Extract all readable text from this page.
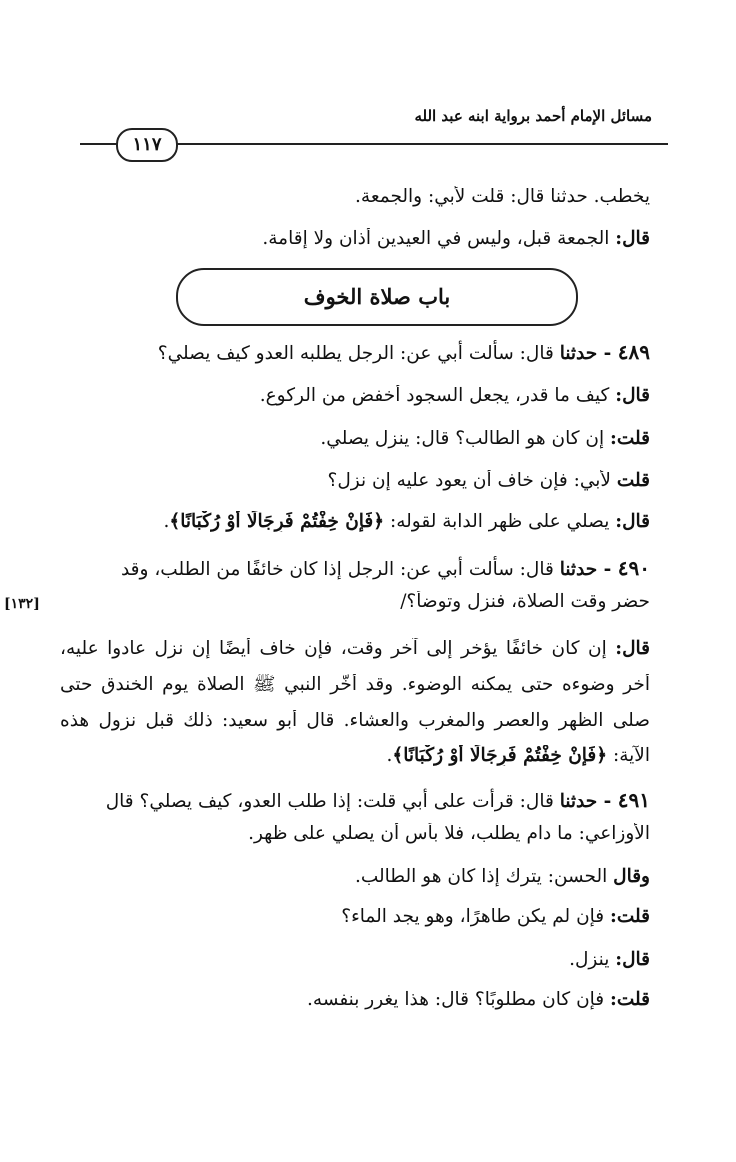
مسائل الإمام أحمد برواية ابنه عبد الله
١١٧
يخطب. حدثنا قال: قلت لأبي: والجمعة.
قال: الجمعة قبل، وليس في العيدين أذان ولا إقامة.
باب صلاة الخوف
٤٨٩ - حدثنا قال: سألت أبي عن: الرجل يطلبه العدو كيف يصلي؟
قال: كيف ما قدر، يجعل السجود أخفض من الركوع.
قلت: إن كان هو الطالب؟ قال: ينزل يصلي.
قلت لأبي: فإن خاف أن يعود عليه إن نزل؟
قال: يصلي على ظهر الدابة لقوله: ﴿فَإِنْ خِفْتُمْ فَرِجَالًا أَوْ رُكْبَانًا﴾.
٤٩٠ - حدثنا قال: سألت أبي عن: الرجل إذا كان خائفًا من الطلب، وقد
حضر وقت الصلاة، فنزل وتوضأ؟/
[١٣٢]
قال: إن كان خائفًا يؤخر إلى آخر وقت، فإن خاف أيضًا إن نزل عادوا عليه،
أخر وضوءه حتى يمكنه الوضوء. وقد أخَّر النبي ﷺ الصلاة يوم الخندق حتى
صلى الظهر والعصر والمغرب والعشاء. قال أبو سعيد: ذلك قبل نزول هذه
الآية: ﴿فَإِنْ خِفْتُمْ فَرِجَالًا أَوْ رُكْبَانًا﴾.
٤٩١ - حدثنا قال: قرأت على أبي قلت: إذا طلب العدو، كيف يصلي؟ قال
الأوزاعي: ما دام يطلب، فلا بأس أن يصلي على ظهر.
وقال الحسن: يترك إذا كان هو الطالب.
قلت: فإن لم يكن طاهرًا، وهو يجد الماء؟
قال: ينزل.
قلت: فإن كان مطلوبًا؟ قال: هذا يغرر بنفسه.
